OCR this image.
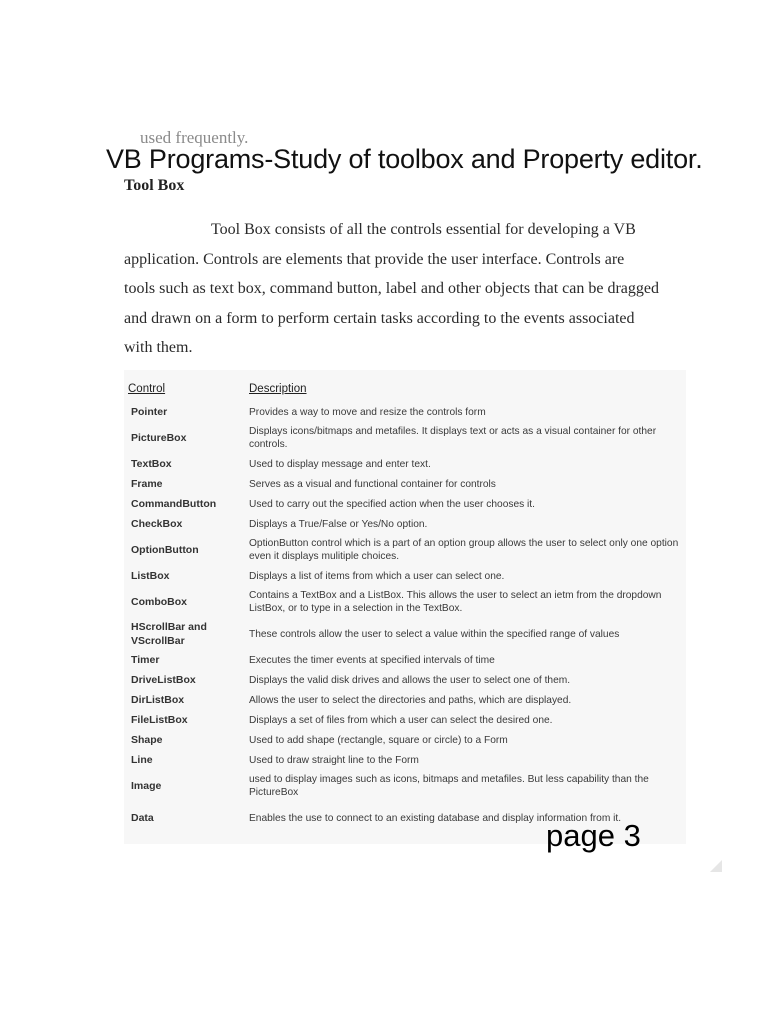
used frequently.
VB Programs-Study of toolbox and Property editor.
Tool Box
Tool Box consists of all the controls essential for developing a VB
application. Controls are elements that provide the user interface. Controls are
tools such as text box, command button, label and other objects that can be dragged
and drawn on a form to perform certain tasks according to the events associated
with them.
Control	Description
Pointer	Provides a way to move and resize the controls form
PictureBox	Displays icons/bitmaps and metafiles. It displays text or acts as a visual container for other controls.
TextBox	Used to display message and enter text.
Frame	Serves as a visual and functional container for controls
CommandButton	Used to carry out the specified action when the user chooses it.
CheckBox	Displays a True/False or Yes/No option.
OptionButton	OptionButton control which is a part of an option group allows the user to select only one option even it displays mulitiple choices.
ListBox	Displays a list of items from which a user can select one.
ComboBox	Contains a TextBox and a ListBox. This allows the user to select an ietm from the dropdown ListBox, or to type in a selection in the TextBox.
HScrollBar and VScrollBar	These controls allow the user to select a value within the specified range of values
Timer	Executes the timer events at specified intervals of time
DriveListBox	Displays the valid disk drives and allows the user to select one of them.
DirListBox	Allows the user to select the directories and paths, which are displayed.
FileListBox	Displays a set of files from which a user can select the desired one.
Shape	Used to add shape (rectangle, square or circle) to a Form
Line	Used to draw straight line to the Form
Image	used to display images such as icons, bitmaps and metafiles. But less capability than the PictureBox
Data	Enables the use to connect to an existing database and display information from it.
page 3
